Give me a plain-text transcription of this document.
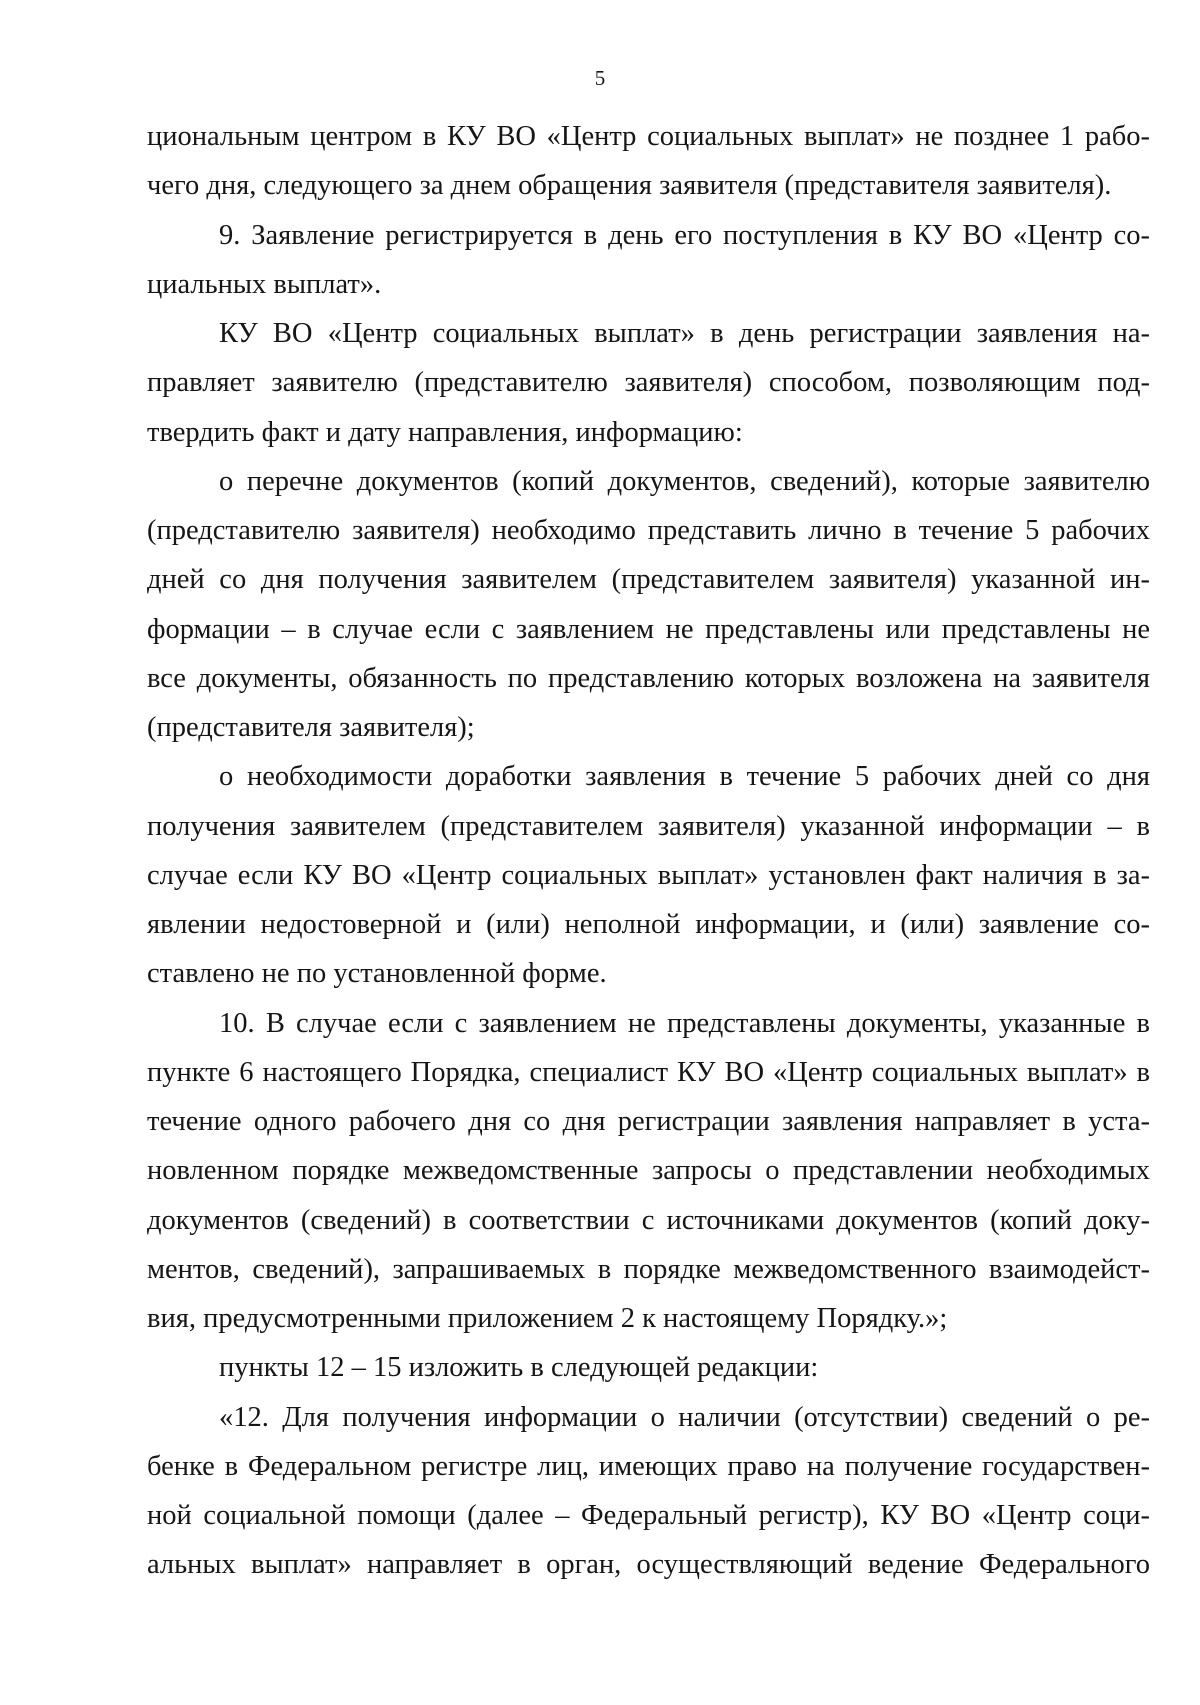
5
циональным центром в КУ ВО «Центр социальных выплат» не позднее 1 рабо-
чего дня, следующего за днем обращения заявителя (представителя заявителя).
9. Заявление регистрируется в день его поступления в КУ ВО «Центр со-
циальных выплат».
КУ ВО «Центр социальных выплат» в день регистрации заявления на-
правляет заявителю (представителю заявителя) способом, позволяющим под-
твердить факт и дату направления, информацию:
о перечне документов (копий документов, сведений), которые заявителю
(представителю заявителя) необходимо представить лично в течение 5 рабочих
дней со дня получения заявителем (представителем заявителя) указанной ин-
формации – в случае если с заявлением не представлены или представлены не
все документы, обязанность по представлению которых возложена на заявителя
(представителя заявителя);
о необходимости доработки заявления в течение 5 рабочих дней со дня
получения заявителем (представителем заявителя) указанной информации – в
случае если КУ ВО «Центр социальных выплат» установлен факт наличия в за-
явлении недостоверной и (или) неполной информации, и (или) заявление со-
ставлено не по установленной форме.
10. В случае если с заявлением не представлены документы, указанные в
пункте 6 настоящего Порядка, специалист КУ ВО «Центр социальных выплат» в
течение одного рабочего дня со дня регистрации заявления направляет в уста-
новленном порядке межведомственные запросы о представлении необходимых
документов (сведений) в соответствии с источниками документов (копий доку-
ментов, сведений), запрашиваемых в порядке межведомственного взаимодейст-
вия, предусмотренными приложением 2 к настоящему Порядку.»;
пункты 12 – 15 изложить в следующей редакции:
«12. Для получения информации о наличии (отсутствии) сведений о ре-
бенке в Федеральном регистре лиц, имеющих право на получение государствен-
ной социальной помощи (далее – Федеральный регистр), КУ ВО «Центр соци-
альных выплат» направляет в орган, осуществляющий ведение Федерального
